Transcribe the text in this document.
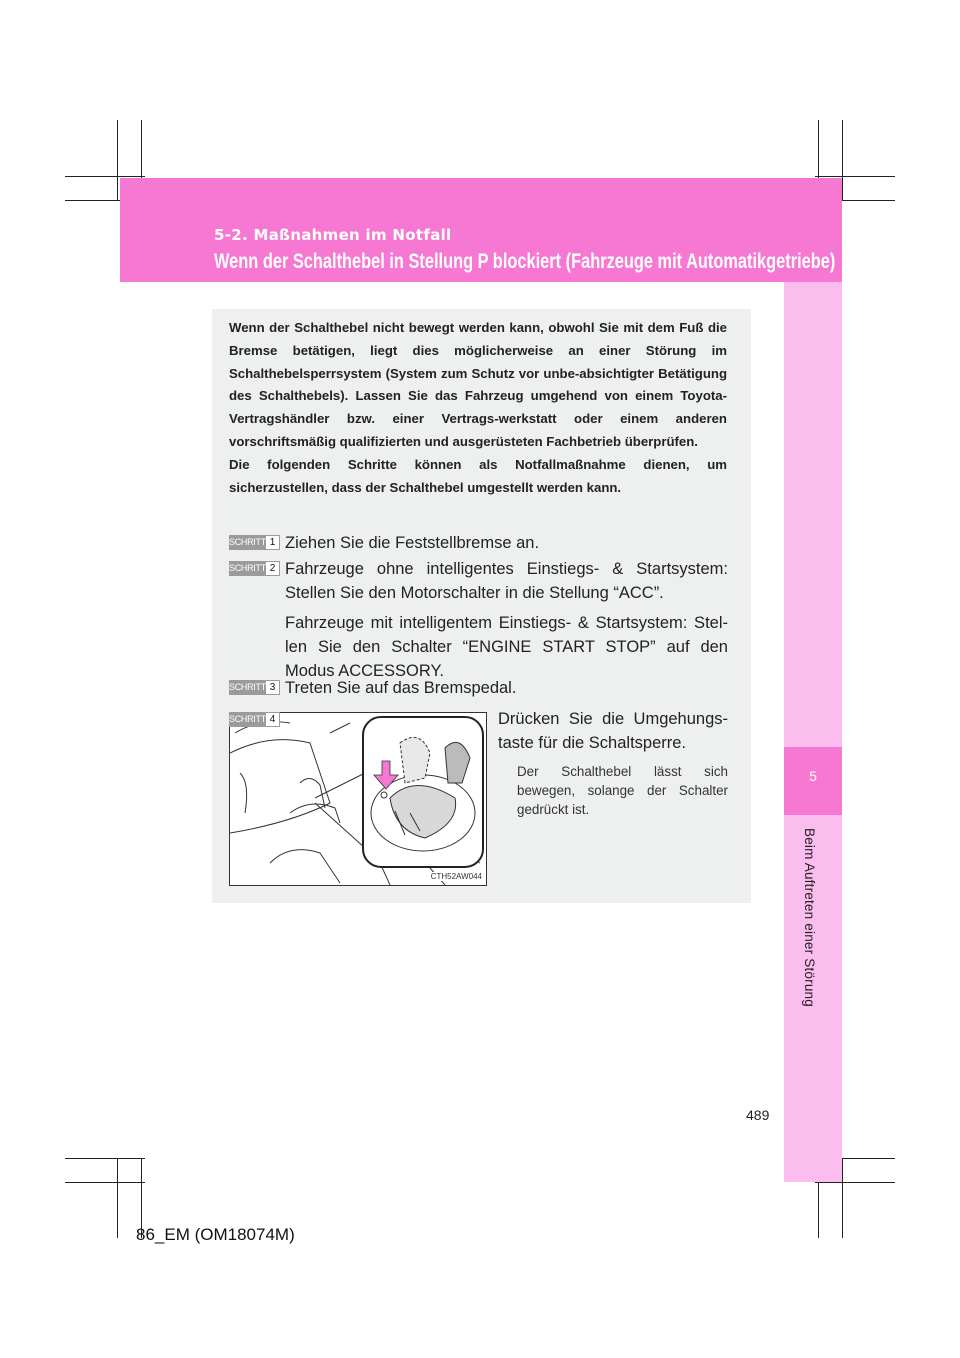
5-2. Maßnahmen im Notfall
Wenn der Schalthebel in Stellung P blockiert (Fahrzeuge mit Automatikgetriebe)
5
Beim Auftreten einer Störung

Wenn der Schalthebel nicht bewegt werden kann, obwohl Sie mit dem Fuß die Bremse betätigen, liegt dies möglicherweise an einer Störung im Schalthebelsperrsystem (System zum Schutz vor unbe-absichtigter Betätigung des Schalthebels). Lassen Sie das Fahrzeug umgehend von einem Toyota-Vertragshändler bzw. einer Vertrags-werkstatt oder einem anderen vorschriftsmäßig qualifizierten und ausgerüsteten Fachbetrieb überprüfen.

Die folgenden Schritte können als Notfallmaßnahme dienen, um sicherzustellen, dass der Schalthebel umgestellt werden kann.

SCHRITT 1 Ziehen Sie die Feststellbremse an.

SCHRITT 2 Fahrzeuge ohne intelligentes Einstiegs- & Startsystem: Stellen Sie den Motorschalter in die Stellung “ACC”.

Fahrzeuge mit intelligentem Einstiegs- & Startsystem: Stel-len Sie den Schalter “ENGINE START STOP” auf den Modus ACCESSORY.

SCHRITT 3 Treten Sie auf das Bremspedal.

CTH52AW044
SCHRITT 4	Drücken Sie die Umgehungs-taste für die Schaltsperre.

Der Schalthebel lässt sich bewegen, solange der Schalter gedrückt ist.
489
86_EM (OM18074M)
